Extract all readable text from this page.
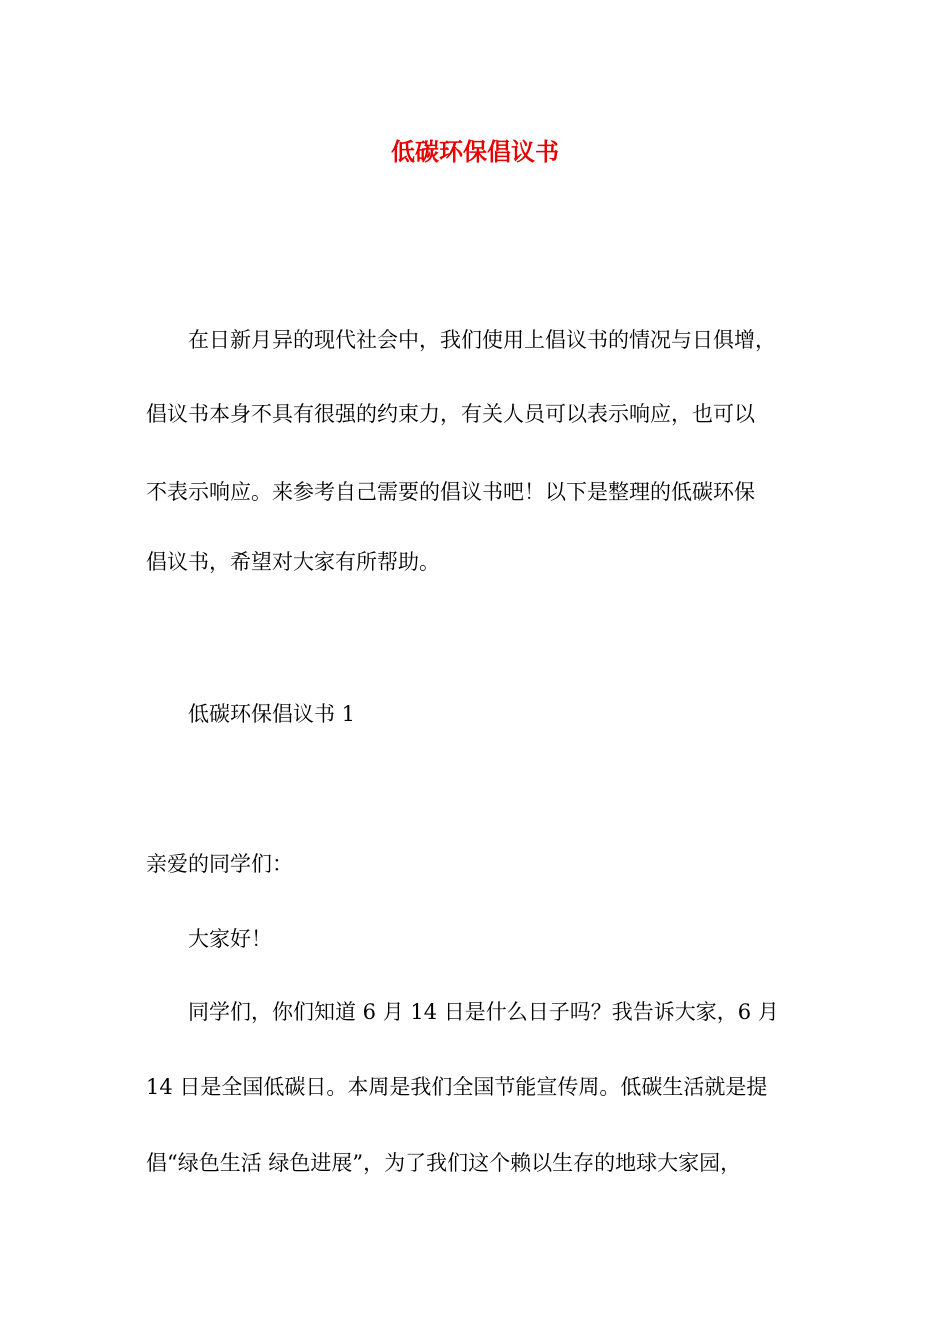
低碳环保倡议书

在日新月异的现代社会中，我们使用上倡议书的情况与日俱增，

倡议书本身不具有很强的约束力，有关人员可以表示响应，也可以

不表示响应。来参考自己需要的倡议书吧！以下是整理的低碳环保

倡议书，希望对大家有所帮助。

低碳环保倡议书 1

亲爱的同学们：

大家好！

同学们，你们知道 6 月 14 日是什么日子吗？我告诉大家，6 月

14 日是全国低碳日。本周是我们全国节能宣传周。低碳生活就是提

倡“绿色生活 绿色进展”，为了我们这个赖以生存的地球大家园，
